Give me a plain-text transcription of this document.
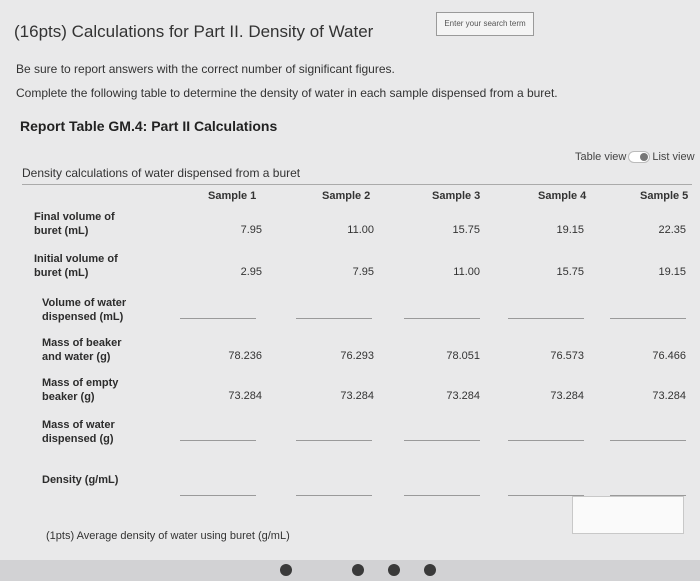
(16pts) Calculations for Part II. Density of Water	Enter your search term
Be sure to report answers with the correct number of significant figures.
Complete the following table to determine the density of water in each sample dispensed from a buret.
Report Table GM.4: Part II Calculations
Table view List view
Density calculations of water dispensed from a buret
Sample 1	Sample 2	Sample 3	Sample 4	Sample 5
Final volume of
buret (mL)	7.95	11.00	15.75	19.15	22.35
Initial volume of
buret (mL)	2.95	7.95	11.00	15.75	19.15
Volume of water
dispensed (mL)
Mass of beaker
and water (g)	78.236	76.293	78.051	76.573	76.466
Mass of empty
beaker (g)	73.284	73.284	73.284	73.284	73.284
Mass of water
dispensed (g)
Density (g/mL)
(1pts) Average density of water using buret (g/mL)
